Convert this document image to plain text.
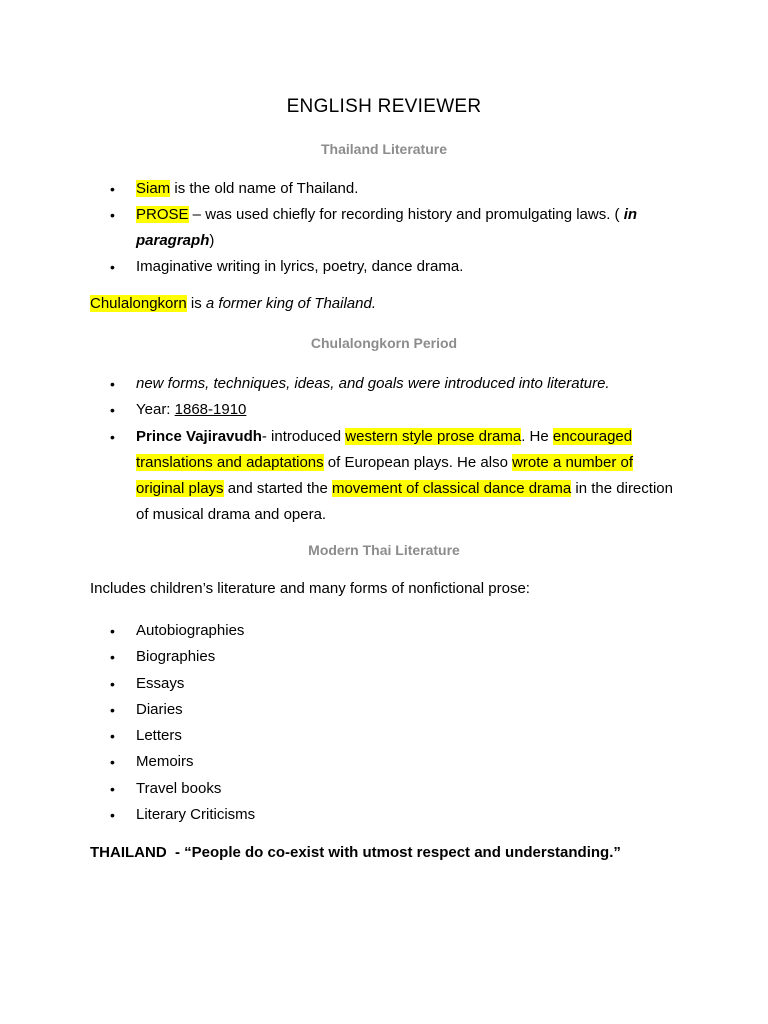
ENGLISH REVIEWER
Thailand Literature
• Siam is the old name of Thailand.
• PROSE – was used chiefly for recording history and promulgating laws. ( in paragraph)
• Imaginative writing in lyrics, poetry, dance drama.
Chulalongkorn is a former king of Thailand.
Chulalongkorn Period
• new forms, techniques, ideas, and goals were introduced into literature.
• Year: 1868-1910
• Prince Vajiravudh- introduced western style prose drama. He encouraged translations and adaptations of European plays. He also wrote a number of original plays and started the movement of classical dance drama in the direction of musical drama and opera.
Modern Thai Literature
Includes children’s literature and many forms of nonfictional prose:
• Autobiographies
• Biographies
• Essays
• Diaries
• Letters
• Memoirs
• Travel books
• Literary Criticisms
THAILAND  - “People do co-exist with utmost respect and understanding.”
